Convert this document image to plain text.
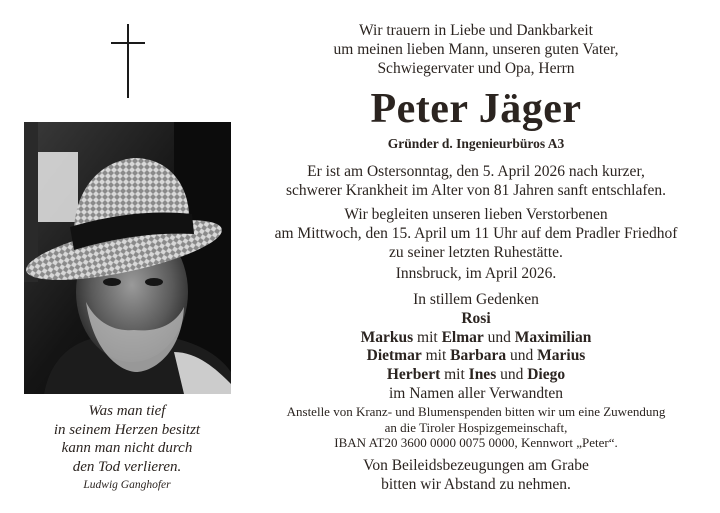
Was man tief
in seinem Herzen besitzt
kann man nicht durch
den Tod verlieren.
Ludwig Ganghofer
Wir trauern in Liebe und Dankbarkeit
um meinen lieben Mann, unseren guten Vater,
Schwiegervater und Opa, Herrn
Peter Jäger
Gründer d. Ingenieurbüros A3
Er ist am Ostersonntag, den 5. April 2026 nach kurzer,
schwerer Krankheit im Alter von 81 Jahren sanft entschlafen.
Wir begleiten unseren lieben Verstorbenen
am Mittwoch, den 15. April um 11 Uhr auf dem Pradler Friedhof
zu seiner letzten Ruhestätte.
Innsbruck, im April 2026.
In stillem Gedenken
Rosi
Markus mit Elmar und Maximilian
Dietmar mit Barbara und Marius
Herbert mit Ines und Diego
im Namen aller Verwandten
Anstelle von Kranz- und Blumenspenden bitten wir um eine Zuwendung
an die Tiroler Hospizgemeinschaft,
IBAN AT20 3600 0000 0075 0000, Kennwort „Peter“.
Von Beileidsbezeugungen am Grabe
bitten wir Abstand zu nehmen.
